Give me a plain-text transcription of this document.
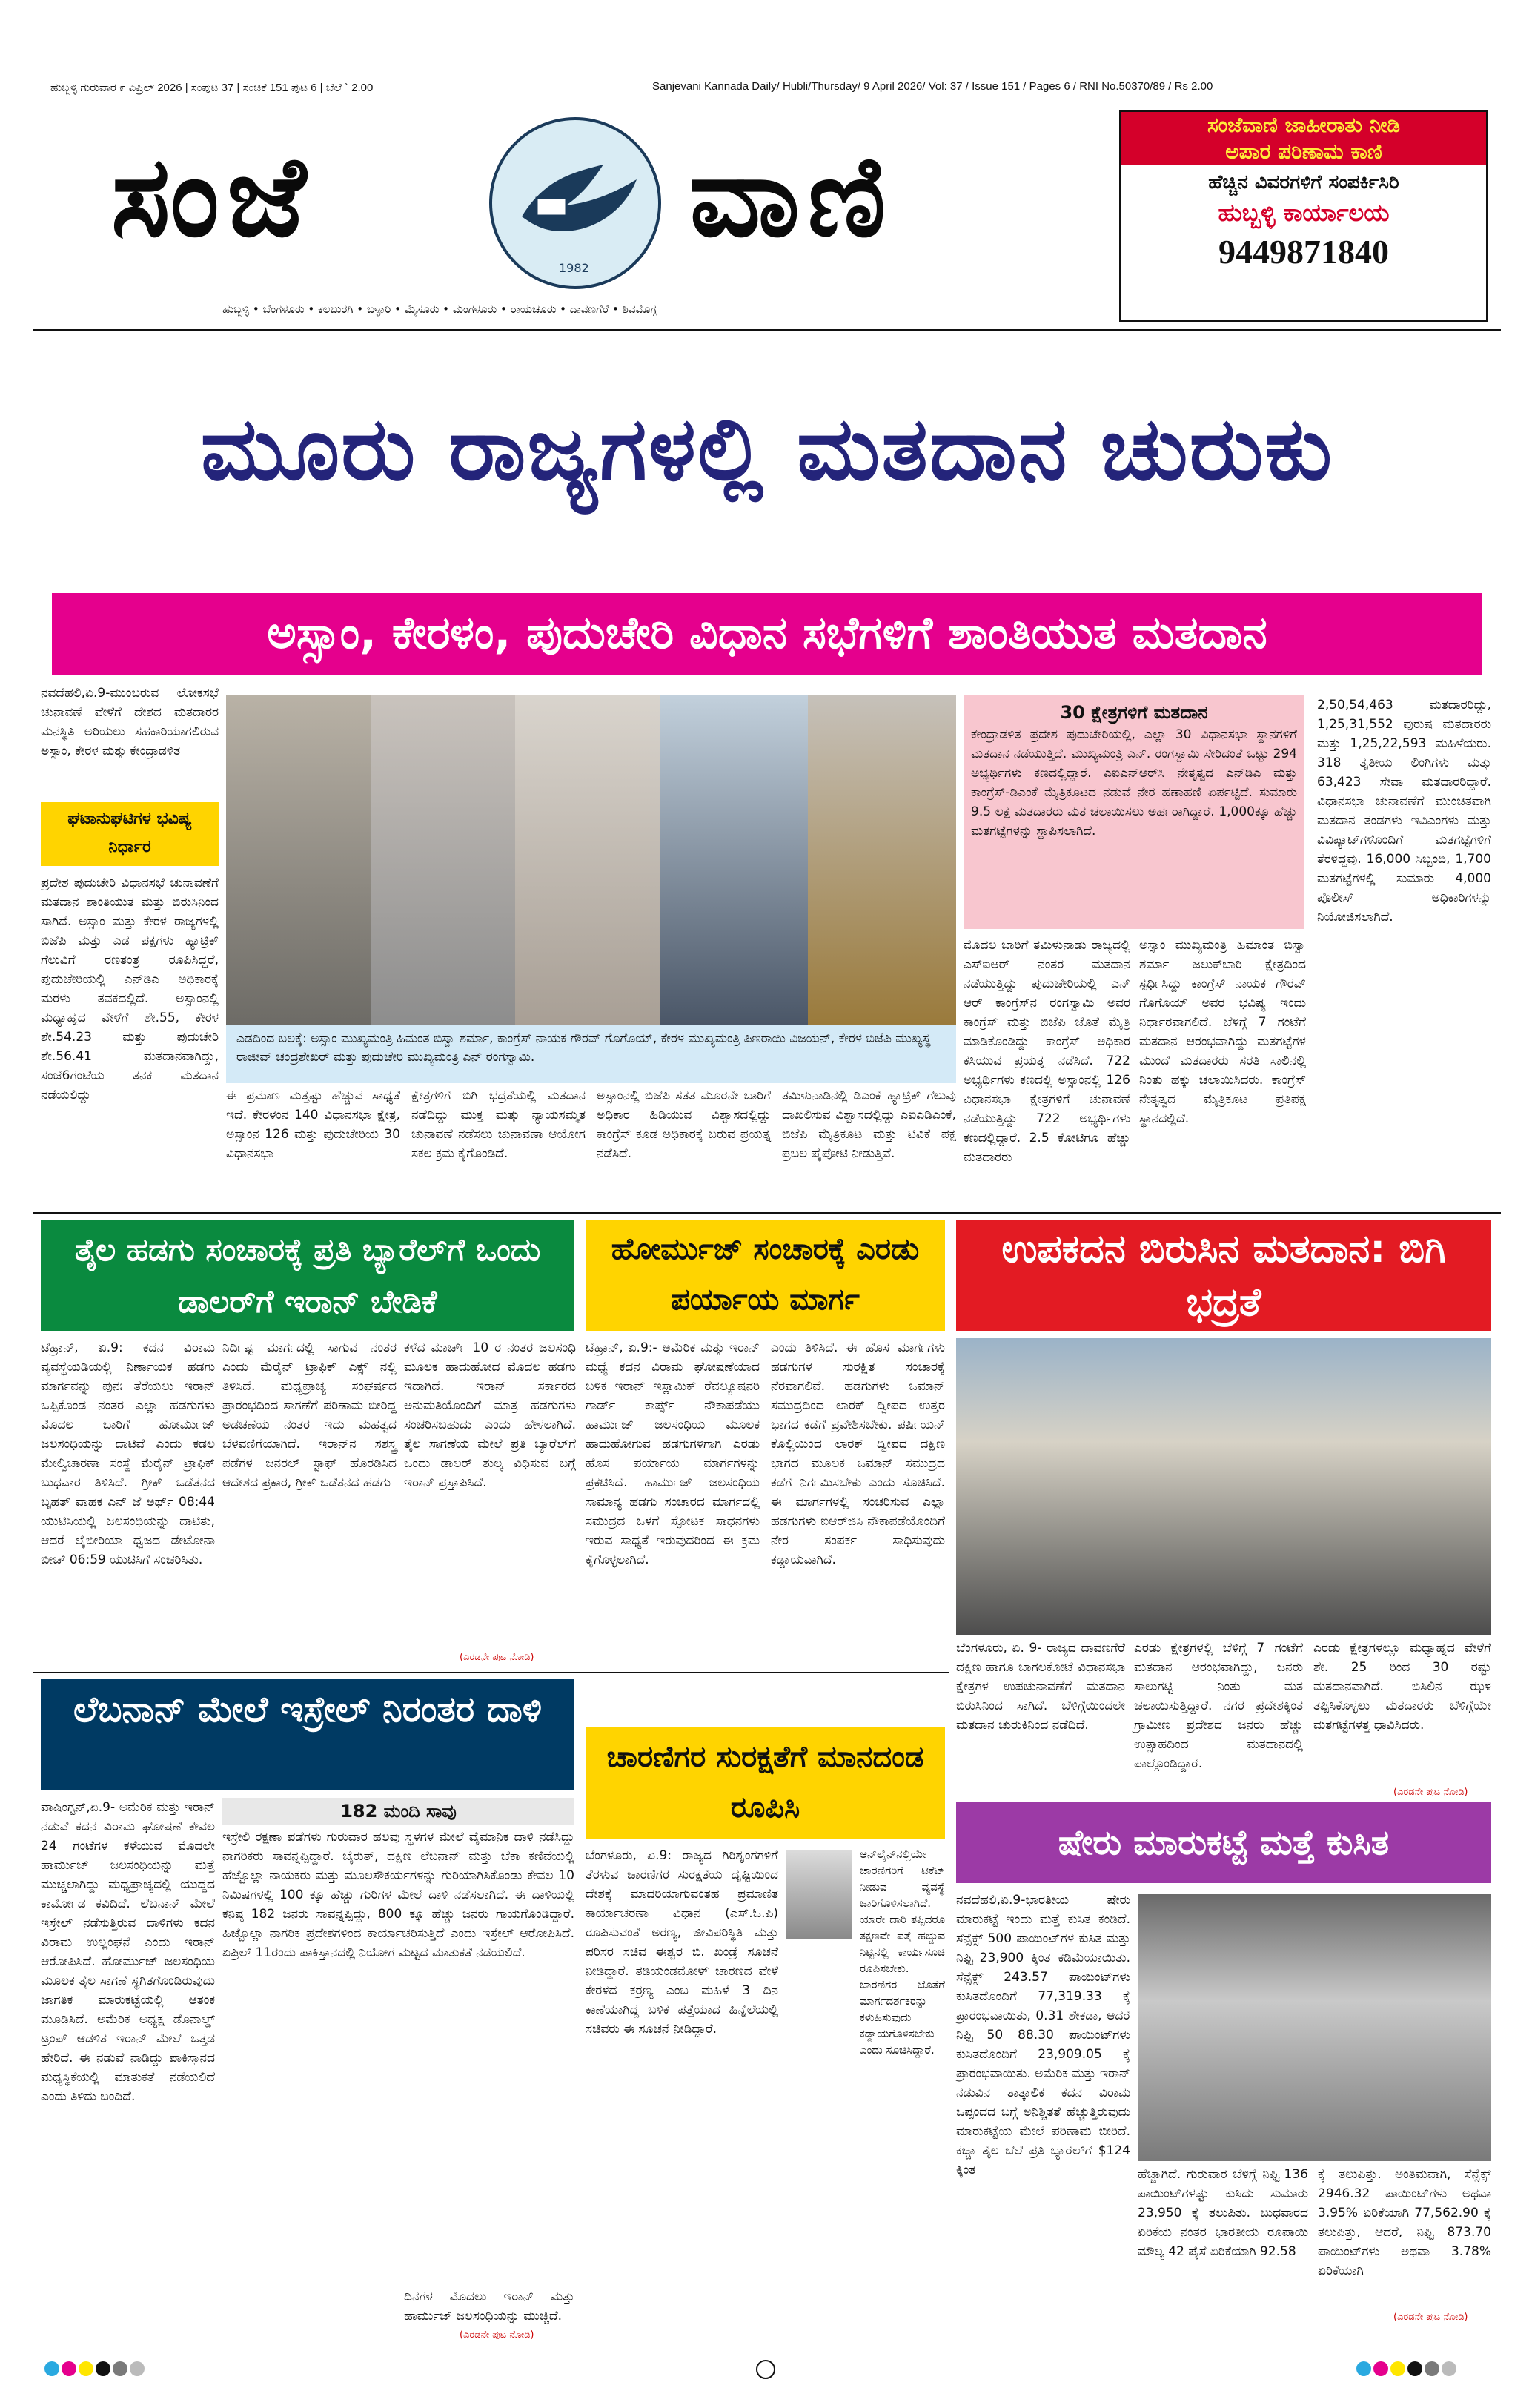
ಹುಬ್ಬಳ್ಳಿ ಗುರುವಾರ ೯ ಏಪ್ರಿಲ್ 2026 | ಸಂಪುಟ 37 | ಸಂಚಿಕೆ 151 ಪುಟ 6 | ಬೆಲೆ ` 2.00	Sanjevani Kannada Daily/ Hubli/Thursday/ 9 April 2026/ Vol: 37 / Issue 151 / Pages 6 / RNI No.50370/89 / Rs 2.00
ಸಂಜೆ
1982
ವಾಣಿ
ಹುಬ್ಬಳ್ಳಿ • ಬೆಂಗಳೂರು • ಕಲಬುರಗಿ • ಬಳ್ಳಾರಿ • ಮೈಸೂರು • ಮಂಗಳೂರು • ರಾಯಚೂರು • ದಾವಣಗೆರೆ • ಶಿವಮೊಗ್ಗ
ಸಂಜೆವಾಣಿ ಜಾಹೀರಾತು ನೀಡಿ
ಅಪಾರ ಪರಿಣಾಮ ಕಾಣಿ
ಹೆಚ್ಚಿನ ವಿವರಗಳಿಗೆ ಸಂಪರ್ಕಿಸಿರಿ
ಹುಬ್ಬಳ್ಳಿ ಕಾರ್ಯಾಲಯ
9449871840
ಮೂರು ರಾಜ್ಯಗಳಲ್ಲಿ ಮತದಾನ ಚುರುಕು
ಅಸ್ಸಾಂ, ಕೇರಳಂ, ಪುದುಚೇರಿ ವಿಧಾನ ಸಭೆಗಳಿಗೆ ಶಾಂತಿಯುತ ಮತದಾನ

ನವದೆಹಲಿ,ಏ.9-ಮುಂಬರುವ ಲೋಕಸಭೆ ಚುನಾವಣೆ ವೇಳೆಗೆ ದೇಶದ ಮತದಾರರ ಮನಸ್ಥಿತಿ ಅರಿಯಲು ಸಹಕಾರಿಯಾಗಲಿರುವ ಅಸ್ಸಾಂ, ಕೇರಳ ಮತ್ತು ಕೇಂದ್ರಾಡಳಿತ

ಘಟಾನುಘಟಿಗಳ ಭವಿಷ್ಯ ನಿರ್ಧಾರ

ಪ್ರದೇಶ ಪುದುಚೇರಿ ವಿಧಾನಸಭೆ ಚುನಾವಣೆಗೆ ಮತದಾನ ಶಾಂತಿಯುತ ಮತ್ತು ಬಿರುಸಿನಿಂದ ಸಾಗಿದೆ. ಅಸ್ಸಾಂ ಮತ್ತು ಕೇರಳ ರಾಜ್ಯಗಳಲ್ಲಿ ಬಿಜೆಪಿ ಮತ್ತು ಎಡ ಪಕ್ಷಗಳು ಹ್ಯಾಟ್ರಿಕ್ ಗೆಲುವಿಗೆ ರಣತಂತ್ರ ರೂಪಿಸಿದ್ದರೆ, ಪುದುಚೇರಿಯಲ್ಲಿ ಎನ್‌ಡಿಎ ಅಧಿಕಾರಕ್ಕೆ ಮರಳು ತವಕದಲ್ಲಿದೆ. ಅಸ್ಸಾಂನಲ್ಲಿ ಮಧ್ಯಾಹ್ನದ ವೇಳೆಗೆ ಶೇ.55, ಕೇರಳ ಶೇ.54.23 ಮತ್ತು ಪುದುಚೇರಿ ಶೇ.56.41 ಮತದಾನವಾಗಿದ್ದು, ಸಂಜೆ6ಗಂಟೆಯ ತನಕ ಮತದಾನ ನಡೆಯಲಿದ್ದು

ಎಡದಿಂದ ಬಲಕ್ಕೆ: ಅಸ್ಸಾಂ ಮುಖ್ಯಮಂತ್ರಿ ಹಿಮಂತ ಬಿಸ್ವಾ ಶರ್ಮಾ, ಕಾಂಗ್ರೆಸ್ ನಾಯಕ ಗೌರವ್ ಗೊಗೊಯ್, ಕೇರಳ ಮುಖ್ಯಮಂತ್ರಿ ಪಿಣರಾಯಿ ವಿಜಯನ್, ಕೇರಳ ಬಿಜೆಪಿ ಮುಖ್ಯಸ್ಥ ರಾಜೀವ್ ಚಂದ್ರಶೇಖರ್ ಮತ್ತು ಪುದುಚೇರಿ ಮುಖ್ಯಮಂತ್ರಿ ಎನ್ ರಂಗಸ್ವಾಮಿ.

ಈ ಪ್ರಮಾಣ ಮತ್ತಷ್ಟು ಹೆಚ್ಚುವ ಸಾಧ್ಯತೆ ಇದೆ. ಕೇರಳಂನ 140 ವಿಧಾನಸಭಾ ಕ್ಷೇತ್ರ, ಅಸ್ಸಾಂನ 126 ಮತ್ತು ಪುದುಚೇರಿಯ 30 ವಿಧಾನಸಭಾ

ಕ್ಷೇತ್ರಗಳಿಗೆ ಬಿಗಿ ಭದ್ರತೆಯಲ್ಲಿ ಮತದಾನ ನಡೆದಿದ್ದು ಮುಕ್ತ ಮತ್ತು ನ್ಯಾಯಸಮ್ಮತ ಚುನಾವಣೆ ನಡೆಸಲು ಚುನಾವಣಾ ಆಯೋಗ ಸಕಲ ಕ್ರಮ ಕೈಗೊಂಡಿದೆ.

ಅಸ್ಸಾಂನಲ್ಲಿ ಬಿಜೆಪಿ ಸತತ ಮೂರನೇ ಬಾರಿಗೆ ಅಧಿಕಾರ ಹಿಡಿಯುವ ವಿಶ್ವಾಸದಲ್ಲಿದ್ದು ಕಾಂಗ್ರೆಸ್ ಕೂಡ ಅಧಿಕಾರಕ್ಕೆ ಬರುವ ಪ್ರಯತ್ನ ನಡೆಸಿದೆ.

ತಮಿಳುನಾಡಿನಲ್ಲಿ ಡಿಎಂಕೆ ಹ್ಯಾಟ್ರಿಕ್ ಗೆಲುವು ದಾಖಲಿಸುವ ವಿಶ್ವಾಸದಲ್ಲಿದ್ದು ಎಐಎಡಿಎಂಕೆ, ಬಿಜೆಪಿ ಮೈತ್ರಿಕೂಟ ಮತ್ತು ಟಿವಿಕೆ ಪಕ್ಷ ಪ್ರಬಲ ಪೈಪೋಟಿ ನೀಡುತ್ತಿವೆ.

30 ಕ್ಷೇತ್ರಗಳಿಗೆ ಮತದಾನ
ಕೇಂದ್ರಾಡಳಿತ ಪ್ರದೇಶ ಪುದುಚೇರಿಯಲ್ಲಿ, ಎಲ್ಲಾ 30 ವಿಧಾನಸಭಾ ಸ್ಥಾನಗಳಿಗೆ ಮತದಾನ ನಡೆಯುತ್ತಿದೆ. ಮುಖ್ಯಮಂತ್ರಿ ಎನ್. ರಂಗಸ್ವಾಮಿ ಸೇರಿದಂತೆ ಒಟ್ಟು 294 ಅಭ್ಯರ್ಥಿಗಳು ಕಣದಲ್ಲಿದ್ದಾರೆ. ಎಐಎನ್‌ಆರ್‌ಸಿ ನೇತೃತ್ವದ ಎನ್‌ಡಿಎ ಮತ್ತು ಕಾಂಗ್ರೆಸ್-ಡಿಎಂಕೆ ಮೈತ್ರಿಕೂಟದ ನಡುವೆ ನೇರ ಹಣಾಹಣಿ ಏರ್ಪಟ್ಟಿದೆ. ಸುಮಾರು 9.5 ಲಕ್ಷ ಮತದಾರರು ಮತ ಚಲಾಯಿಸಲು ಅರ್ಹರಾಗಿದ್ದಾರೆ. 1,000ಕ್ಕೂ ಹೆಚ್ಚು ಮತಗಟ್ಟೆಗಳನ್ನು ಸ್ಥಾಪಿಸಲಾಗಿದೆ.

ಮೊದಲ ಬಾರಿಗೆ ತಮಿಳುನಾಡು ರಾಜ್ಯದಲ್ಲಿ ಎಸ್‌ಐಆರ್ ನಂತರ ಮತದಾನ ನಡೆಯುತ್ತಿದ್ದು ಪುದುಚೇರಿಯಲ್ಲಿ ಎನ್ ಆರ್ ಕಾಂಗ್ರೆಸ್‌ನ ರಂಗಸ್ವಾಮಿ ಅವರ ಕಾಂಗ್ರೆಸ್ ಮತ್ತು ಬಿಜೆಪಿ ಜೊತೆ ಮೈತ್ರಿ ಮಾಡಿಕೊಂಡಿದ್ದು ಕಾಂಗ್ರೆಸ್ ಅಧಿಕಾರ ಕಸಿಯುವ ಪ್ರಯತ್ನ ನಡೆಸಿದೆ. 722 ಅಭ್ಯರ್ಥಿಗಳು ಕಣದಲ್ಲಿ ಅಸ್ಸಾಂನಲ್ಲಿ 126 ವಿಧಾನಸಭಾ ಕ್ಷೇತ್ರಗಳಿಗೆ ಚುನಾವಣೆ ನಡೆಯುತ್ತಿದ್ದು 722 ಅಭ್ಯರ್ಥಿಗಳು ಕಣದಲ್ಲಿದ್ದಾರೆ. 2.5 ಕೋಟಿಗೂ ಹೆಚ್ಚು ಮತದಾರರು

ಅಸ್ಸಾಂ ಮುಖ್ಯಮಂತ್ರಿ ಹಿಮಾಂತ ಬಿಸ್ವಾ ಶರ್ಮಾ ಜಲುಕ್‌ಬಾರಿ ಕ್ಷೇತ್ರದಿಂದ ಸ್ಪರ್ಧಿಸಿದ್ದು ಕಾಂಗ್ರೆಸ್ ನಾಯಕ ಗೌರವ್ ಗೊಗೊಯ್ ಅವರ ಭವಿಷ್ಯ ಇಂದು ನಿರ್ಧಾರವಾಗಲಿದೆ. ಬೆಳಿಗ್ಗೆ 7 ಗಂಟೆಗೆ ಮತದಾನ ಆರಂಭವಾಗಿದ್ದು ಮತಗಟ್ಟೆಗಳ ಮುಂದೆ ಮತದಾರರು ಸರತಿ ಸಾಲಿನಲ್ಲಿ ನಿಂತು ಹಕ್ಕು ಚಲಾಯಿಸಿದರು. ಕಾಂಗ್ರೆಸ್ ನೇತೃತ್ವದ ಮೈತ್ರಿಕೂಟ ಪ್ರತಿಪಕ್ಷ ಸ್ಥಾನದಲ್ಲಿದೆ.

2,50,54,463 ಮತದಾರರಿದ್ದು, 1,25,31,552 ಪುರುಷ ಮತದಾರರು ಮತ್ತು 1,25,22,593 ಮಹಿಳೆಯರು. 318 ತೃತೀಯ ಲಿಂಗಿಗಳು ಮತ್ತು 63,423 ಸೇವಾ ಮತದಾರರಿದ್ದಾರೆ. ವಿಧಾನಸಭಾ ಚುನಾವಣೆಗೆ ಮುಂಚಿತವಾಗಿ ಮತದಾನ ತಂಡಗಳು ಇವಿಎಂಗಳು ಮತ್ತು ವಿವಿಪ್ಯಾಟ್‌ಗಳೊಂದಿಗೆ ಮತಗಟ್ಟೆಗಳಿಗೆ ತೆರಳಿದ್ದವು. 16,000 ಸಿಬ್ಬಂದಿ, 1,700 ಮತಗಟ್ಟೆಗಳಲ್ಲಿ ಸುಮಾರು 4,000 ಪೊಲೀಸ್ ಅಧಿಕಾರಿಗಳನ್ನು ನಿಯೋಜಿಸಲಾಗಿದೆ.

ತೈಲ ಹಡಗು ಸಂಚಾರಕ್ಕೆ ಪ್ರತಿ ಬ್ಯಾರೆಲ್‌ಗೆ ಒಂದು ಡಾಲರ್‌ಗೆ ಇರಾನ್ ಬೇಡಿಕೆ

ಟೆಹ್ರಾನ್, ಏ.9: ಕದನ ವಿರಾಮ ವ್ಯವಸ್ಥೆಯಡಿಯಲ್ಲಿ ನಿರ್ಣಾಯಕ ಹಡಗು ಮಾರ್ಗವನ್ನು ಪುನಃ ತೆರೆಯಲು ಇರಾನ್ ಒಪ್ಪಿಕೊಂಡ ನಂತರ ಎಲ್ಲಾ ಹಡಗುಗಳು ಮೊದಲ ಬಾರಿಗೆ ಹೋರ್ಮುಜ್ ಜಲಸಂಧಿಯನ್ನು ದಾಟಿವೆ ಎಂದು ಕಡಲ ಮೇಲ್ವಿಚಾರಣಾ ಸಂಸ್ಥೆ ಮೆರೈನ್ ಟ್ರಾಫಿಕ್ ಬುಧವಾರ ತಿಳಿಸಿದೆ. ಗ್ರೀಕ್ ಒಡೆತನದ ಬೃಹತ್ ವಾಹಕ ಎನ್ ಜೆ ಅರ್ಥ್ 08:44 ಯುಟಿಸಿಯಲ್ಲಿ ಜಲಸಂಧಿಯನ್ನು ದಾಟಿತು, ಆದರೆ ಲೈಬೀರಿಯಾ ಧ್ವಜದ ಡೇಟೋನಾ ಬೀಚ್ 06:59 ಯುಟಿಸಿಗೆ ಸಂಚರಿಸಿತು.

ನಿರ್ದಿಷ್ಟ ಮಾರ್ಗದಲ್ಲಿ ಸಾಗುವ ನಂತರ ಎಂದು ಮೆರೈನ್ ಟ್ರಾಫಿಕ್ ಎಕ್ಸ್‌ ನಲ್ಲಿ ತಿಳಿಸಿದೆ. ಮಧ್ಯಪ್ರಾಚ್ಯ ಸಂಘರ್ಷದ ಪ್ರಾರಂಭದಿಂದ ಸಾಗಣೆಗೆ ಪರಿಣಾಮ ಬೀರಿದ್ದ ಅಡಚಣೆಯ ನಂತರ ಇದು ಮಹತ್ವದ ಬೆಳವಣಿಗೆಯಾಗಿದೆ. ಇರಾನ್‌ನ ಸಶಸ್ತ್ರ ಪಡೆಗಳ ಜನರಲ್ ಸ್ಟಾಫ್ ಹೊರಡಿಸಿದ ಆದೇಶದ ಪ್ರಕಾರ, ಗ್ರೀಕ್ ಒಡೆತನದ ಹಡಗು

ಕಳೆದ ಮಾರ್ಚ್ 10 ರ ನಂತರ ಜಲಸಂಧಿ ಮೂಲಕ ಹಾದುಹೋದ ಮೊದಲ ಹಡಗು ಇದಾಗಿದೆ. ಇರಾನ್ ಸರ್ಕಾರದ ಅನುಮತಿಯೊಂದಿಗೆ ಮಾತ್ರ ಹಡಗುಗಳು ಸಂಚರಿಸಬಹುದು ಎಂದು ಹೇಳಲಾಗಿದೆ. ತೈಲ ಸಾಗಣೆಯ ಮೇಲೆ ಪ್ರತಿ ಬ್ಯಾರೆಲ್‌ಗೆ ಒಂದು ಡಾಲರ್ ಶುಲ್ಕ ವಿಧಿಸುವ ಬಗ್ಗೆ ಇರಾನ್ ಪ್ರಸ್ತಾಪಿಸಿದೆ.

(ಎರಡನೇ ಪುಟ ನೋಡಿ)
ಹೋರ್ಮುಜ್ ಸಂಚಾರಕ್ಕೆ ಎರಡು ಪರ್ಯಾಯ ಮಾರ್ಗ

ಟೆಹ್ರಾನ್, ಏ.9:- ಅಮೆರಿಕ ಮತ್ತು ಇರಾನ್ ಮಧ್ಯೆ ಕದನ ವಿರಾಮ ಘೋಷಣೆಯಾದ ಬಳಿಕ ಇರಾನ್ ಇಸ್ಲಾಮಿಕ್ ರೆವಲ್ಯೂಷನರಿ ಗಾರ್ಡ್ ಕಾರ್ಪ್ಸ್ ನೌಕಾಪಡೆಯು ಹಾರ್ಮುಜ್ ಜಲಸಂಧಿಯ ಮೂಲಕ ಹಾದುಹೋಗುವ ಹಡಗುಗಳಿಗಾಗಿ ಎರಡು ಹೊಸ ಪರ್ಯಾಯ ಮಾರ್ಗಗಳನ್ನು ಪ್ರಕಟಿಸಿದೆ. ಹಾರ್ಮುಜ್ ಜಲಸಂಧಿಯ ಸಾಮಾನ್ಯ ಹಡಗು ಸಂಚಾರದ ಮಾರ್ಗದಲ್ಲಿ ಸಮುದ್ರದ ಒಳಗೆ ಸ್ಫೋಟಕ ಸಾಧನಗಳು ಇರುವ ಸಾಧ್ಯತೆ ಇರುವುದರಿಂದ ಈ ಕ್ರಮ ಕೈಗೊಳ್ಳಲಾಗಿದೆ.

ಎಂದು ತಿಳಿಸಿದೆ. ಈ ಹೊಸ ಮಾರ್ಗಗಳು ಹಡಗುಗಳ ಸುರಕ್ಷಿತ ಸಂಚಾರಕ್ಕೆ ನೆರವಾಗಲಿವೆ. ಹಡಗುಗಳು ಒಮಾನ್ ಸಮುದ್ರದಿಂದ ಲಾರಕ್ ದ್ವೀಪದ ಉತ್ತರ ಭಾಗದ ಕಡೆಗೆ ಪ್ರವೇಶಿಸಬೇಕು. ಪರ್ಷಿಯನ್ ಕೊಲ್ಲಿಯಿಂದ ಲಾರಕ್ ದ್ವೀಪದ ದಕ್ಷಿಣ ಭಾಗದ ಮೂಲಕ ಒಮಾನ್ ಸಮುದ್ರದ ಕಡೆಗೆ ನಿರ್ಗಮಿಸಬೇಕು ಎಂದು ಸೂಚಿಸಿದೆ. ಈ ಮಾರ್ಗಗಳಲ್ಲಿ ಸಂಚರಿಸುವ ಎಲ್ಲಾ ಹಡಗುಗಳು ಐಆರ್‌ಜಿಸಿ ನೌಕಾಪಡೆಯೊಂದಿಗೆ ನೇರ ಸಂಪರ್ಕ ಸಾಧಿಸುವುದು ಕಡ್ಡಾಯವಾಗಿದೆ.

ಉಪಕದನ ಬಿರುಸಿನ ಮತದಾನ: ಬಿಗಿ ಭದ್ರತೆ

ಬೆಂಗಳೂರು, ಏ. 9- ರಾಜ್ಯದ ದಾವಣಗೆರೆ ದಕ್ಷಿಣ ಹಾಗೂ ಬಾಗಲಕೋಟೆ ವಿಧಾನಸಭಾ ಕ್ಷೇತ್ರಗಳ ಉಪಚುನಾವಣೆಗೆ ಮತದಾನ ಬಿರುಸಿನಿಂದ ಸಾಗಿದೆ. ಬೆಳಿಗ್ಗೆಯಿಂದಲೇ ಮತದಾನ ಚುರುಕಿನಿಂದ ನಡೆದಿದೆ.

ಎರಡು ಕ್ಷೇತ್ರಗಳಲ್ಲಿ ಬೆಳಿಗ್ಗೆ 7 ಗಂಟೆಗೆ ಮತದಾನ ಆರಂಭವಾಗಿದ್ದು, ಜನರು ಸಾಲುಗಟ್ಟಿ ನಿಂತು ಮತ ಚಲಾಯಿಸುತ್ತಿದ್ದಾರೆ. ನಗರ ಪ್ರದೇಶಕ್ಕಿಂತ ಗ್ರಾಮೀಣ ಪ್ರದೇಶದ ಜನರು ಹೆಚ್ಚು ಉತ್ಸಾಹದಿಂದ ಮತದಾನದಲ್ಲಿ ಪಾಲ್ಗೊಂಡಿದ್ದಾರೆ.

ಎರಡು ಕ್ಷೇತ್ರಗಳಲ್ಲೂ ಮಧ್ಯಾಹ್ನದ ವೇಳೆಗೆ ಶೇ. 25 ರಿಂದ 30 ರಷ್ಟು ಮತದಾನವಾಗಿದೆ. ಬಿಸಿಲಿನ ಝಳ ತಪ್ಪಿಸಿಕೊಳ್ಳಲು ಮತದಾರರು ಬೆಳಿಗ್ಗೆಯೇ ಮತಗಟ್ಟೆಗಳತ್ತ ಧಾವಿಸಿದರು.

(ಎರಡನೇ ಪುಟ ನೋಡಿ)
ಲೆಬನಾನ್ ಮೇಲೆ ಇಸ್ರೇಲ್ ನಿರಂತರ ದಾಳಿ

ವಾಷಿಂಗ್ಟನ್,ಏ.9- ಅಮೆರಿಕ ಮತ್ತು ಇರಾನ್ ನಡುವೆ ಕದನ ವಿರಾಮ ಘೋಷಣೆ ಕೇವಲ 24 ಗಂಟೆಗಳ ಕಳೆಯುವ ಮೊದಲೇ ಹಾರ್ಮುಜ್ ಜಲಸಂಧಿಯನ್ನು ಮತ್ತೆ ಮುಚ್ಚಲಾಗಿದ್ದು ಮಧ್ಯಪ್ರಾಚ್ಯದಲ್ಲಿ ಯುದ್ಧದ ಕಾರ್ಮೋಡ ಕವಿದಿದೆ. ಲೆಬನಾನ್ ಮೇಲೆ ಇಸ್ರೇಲ್ ನಡೆಸುತ್ತಿರುವ ದಾಳಿಗಳು ಕದನ ವಿರಾಮ ಉಲ್ಲಂಘನೆ ಎಂದು ಇರಾನ್ ಆರೋಪಿಸಿದೆ. ಹೋರ್ಮುಜ್ ಜಲಸಂಧಿಯ ಮೂಲಕ ತೈಲ ಸಾಗಣೆ ಸ್ಥಗಿತಗೊಂಡಿರುವುದು ಜಾಗತಿಕ ಮಾರುಕಟ್ಟೆಯಲ್ಲಿ ಆತಂಕ ಮೂಡಿಸಿದೆ. ಅಮೆರಿಕ ಅಧ್ಯಕ್ಷ ಡೊನಾಲ್ಡ್ ಟ್ರಂಪ್ ಆಡಳಿತ ಇರಾನ್ ಮೇಲೆ ಒತ್ತಡ ಹೇರಿದೆ. ಈ ನಡುವೆ ನಾಡಿದ್ದು ಪಾಕಿಸ್ತಾನದ ಮಧ್ಯಸ್ಥಿಕೆಯಲ್ಲಿ ಮಾತುಕತೆ ನಡೆಯಲಿದೆ ಎಂದು ತಿಳಿದು ಬಂದಿದೆ.

182 ಮಂದಿ ಸಾವು

ಇಸ್ರೇಲಿ ರಕ್ಷಣಾ ಪಡೆಗಳು ಗುರುವಾರ ಹಲವು ಸ್ಥಳಗಳ ಮೇಲೆ ವೈಮಾನಿಕ ದಾಳಿ ನಡೆಸಿದ್ದು ನಾಗರಿಕರು ಸಾವನ್ನಪ್ಪಿದ್ದಾರೆ. ಬೈರುತ್, ದಕ್ಷಿಣ ಲೆಬನಾನ್ ಮತ್ತು ಬೆಕಾ ಕಣಿವೆಯಲ್ಲಿ ಹೆಜ್ಬೊಲ್ಲಾ ನಾಯಕರು ಮತ್ತು ಮೂಲಸೌಕರ್ಯಗಳನ್ನು ಗುರಿಯಾಗಿಸಿಕೊಂಡು ಕೇವಲ 10 ನಿಮಿಷಗಳಲ್ಲಿ 100 ಕ್ಕೂ ಹೆಚ್ಚು ಗುರಿಗಳ ಮೇಲೆ ದಾಳಿ ನಡೆಸಲಾಗಿದೆ. ಈ ದಾಳಿಯಲ್ಲಿ ಕನಿಷ್ಠ 182 ಜನರು ಸಾವನ್ನಪ್ಪಿದ್ದು, 800 ಕ್ಕೂ ಹೆಚ್ಚು ಜನರು ಗಾಯಗೊಂಡಿದ್ದಾರೆ. ಹಿಜ್ಬೊಲ್ಲಾ ನಾಗರಿಕ ಪ್ರದೇಶಗಳಿಂದ ಕಾರ್ಯಾಚರಿಸುತ್ತಿದೆ ಎಂದು ಇಸ್ರೇಲ್ ಆರೋಪಿಸಿದೆ. ಏಪ್ರಿಲ್ 11ರಂದು ಪಾಕಿಸ್ತಾನದಲ್ಲಿ ನಿಯೋಗ ಮಟ್ಟದ ಮಾತುಕತೆ ನಡೆಯಲಿದೆ.

ದಿನಗಳ ಮೊದಲು ಇರಾನ್ ಮತ್ತು ಹಾರ್ಮುಜ್ ಜಲಸಂಧಿಯನ್ನು ಮುಚ್ಚಿದೆ.

(ಎರಡನೇ ಪುಟ ನೋಡಿ)
ಚಾರಣಿಗರ ಸುರಕ್ಷತೆಗೆ ಮಾನದಂಡ ರೂಪಿಸಿ

ಬೆಂಗಳೂರು, ಏ.9: ರಾಜ್ಯದ ಗಿರಿಶೃಂಗಗಳಿಗೆ ತೆರಳುವ ಚಾರಣಿಗರ ಸುರಕ್ಷತೆಯ ದೃಷ್ಟಿಯಿಂದ ದೇಶಕ್ಕೆ ಮಾದರಿಯಾಗುವಂತಹ ಪ್ರಮಾಣಿತ ಕಾರ್ಯಾಚರಣಾ ವಿಧಾನ (ಎಸ್‌.ಓ.ಪಿ) ರೂಪಿಸುವಂತೆ ಅರಣ್ಯ, ಜೀವಿಪರಿಸ್ಥಿತಿ ಮತ್ತು ಪರಿಸರ ಸಚಿವ ಈಶ್ವರ ಬಿ. ಖಂಡ್ರೆ ಸೂಚನೆ ನೀಡಿದ್ದಾರೆ. ತಡಿಯಂಡಮೋಳ್ ಚಾರಣದ ವೇಳೆ ಕೇರಳದ ಕರ್ರಣ್ಯ ಎಂಬ ಮಹಿಳೆ 3 ದಿನ ಕಾಣೆಯಾಗಿದ್ದ ಬಳಿಕ ಪತ್ತೆಯಾದ ಹಿನ್ನೆಲೆಯಲ್ಲಿ ಸಚಿವರು ಈ ಸೂಚನೆ ನೀಡಿದ್ದಾರೆ.

ಆನ್‌ಲೈನ್‌ನಲ್ಲಿಯೇ ಚಾರಣಿಗರಿಗೆ ಟಿಕೆಟ್ ನೀಡುವ ವ್ಯವಸ್ಥೆ ಜಾರಿಗೊಳಿಸಲಾಗಿದೆ. ಯಾರೇ ದಾರಿ ತಪ್ಪಿದರೂ ತಕ್ಷಣವೇ ಪತ್ತೆ ಹಚ್ಚುವ ನಿಟ್ಟಿನಲ್ಲಿ ಕಾರ್ಯಸೂಚಿ ರೂಪಿಸಬೇಕು. ಚಾರಣಿಗರ ಜೊತೆಗೆ ಮಾರ್ಗದರ್ಶಕರನ್ನು ಕಳುಹಿಸುವುದು ಕಡ್ಡಾಯಗೊಳಿಸಬೇಕು ಎಂದು ಸೂಚಿಸಿದ್ದಾರೆ.

ಷೇರು ಮಾರುಕಟ್ಟೆ ಮತ್ತೆ ಕುಸಿತ

ನವದೆಹಲಿ,ಏ.9-ಭಾರತೀಯ ಷೇರು ಮಾರುಕಟ್ಟೆ ಇಂದು ಮತ್ತೆ ಕುಸಿತ ಕಂಡಿದೆ. ಸೆನ್ಸೆಕ್ಸ್ 500 ಪಾಯಿಂಟ್‌ಗಳ ಕುಸಿತ ಮತ್ತು ನಿಫ್ಟಿ 23,900 ಕ್ಕಿಂತ ಕಡಿಮೆಯಾಯಿತು. ಸೆನ್ಸೆಕ್ಸ್ 243.57 ಪಾಯಿಂಟ್‌ಗಳು ಕುಸಿತದೊಂದಿಗೆ 77,319.33 ಕ್ಕೆ ಪ್ರಾರಂಭವಾಯಿತು, 0.31 ಶೇಕಡಾ, ಆದರೆ ನಿಫ್ಟಿ 50 88.30 ಪಾಯಿಂಟ್‌ಗಳು ಕುಸಿತದೊಂದಿಗೆ 23,909.05 ಕ್ಕೆ ಪ್ರಾರಂಭವಾಯಿತು. ಅಮೆರಿಕ ಮತ್ತು ಇರಾನ್ ನಡುವಿನ ತಾತ್ಕಾಲಿಕ ಕದನ ವಿರಾಮ ಒಪ್ಪಂದದ ಬಗ್ಗೆ ಅನಿಶ್ಚಿತತೆ ಹೆಚ್ಚುತ್ತಿರುವುದು ಮಾರುಕಟ್ಟೆಯ ಮೇಲೆ ಪರಿಣಾಮ ಬೀರಿದೆ. ಕಚ್ಚಾ ತೈಲ ಬೆಲೆ ಪ್ರತಿ ಬ್ಯಾರೆಲ್‌ಗೆ $124 ಕ್ಕಿಂತ	ಹೆಚ್ಚಾಗಿದೆ. ಗುರುವಾರ ಬೆಳಿಗ್ಗೆ ನಿಫ್ಟಿ 136 ಪಾಯಿಂಟ್‌ಗಳಷ್ಟು ಕುಸಿದು ಸುಮಾರು 23,950 ಕ್ಕೆ ತಲುಪಿತು. ಬುಧವಾರದ ಏರಿಕೆಯ ನಂತರ ಭಾರತೀಯ ರೂಪಾಯಿ ಮೌಲ್ಯ 42 ಪೈಸೆ ಏರಿಕೆಯಾಗಿ 92.58

ಕ್ಕೆ ತಲುಪಿತ್ತು. ಅಂತಿಮವಾಗಿ, ಸೆನ್ಸೆಕ್ಸ್ 2946.32 ಪಾಯಿಂಟ್‌ಗಳು ಅಥವಾ 3.95% ಏರಿಕೆಯಾಗಿ 77,562.90 ಕ್ಕೆ ತಲುಪಿತ್ತು, ಆದರೆ, ನಿಫ್ಟಿ 873.70 ಪಾಯಿಂಟ್‌ಗಳು ಅಥವಾ 3.78% ಏರಿಕೆಯಾಗಿ

(ಎರಡನೇ ಪುಟ ನೋಡಿ)
